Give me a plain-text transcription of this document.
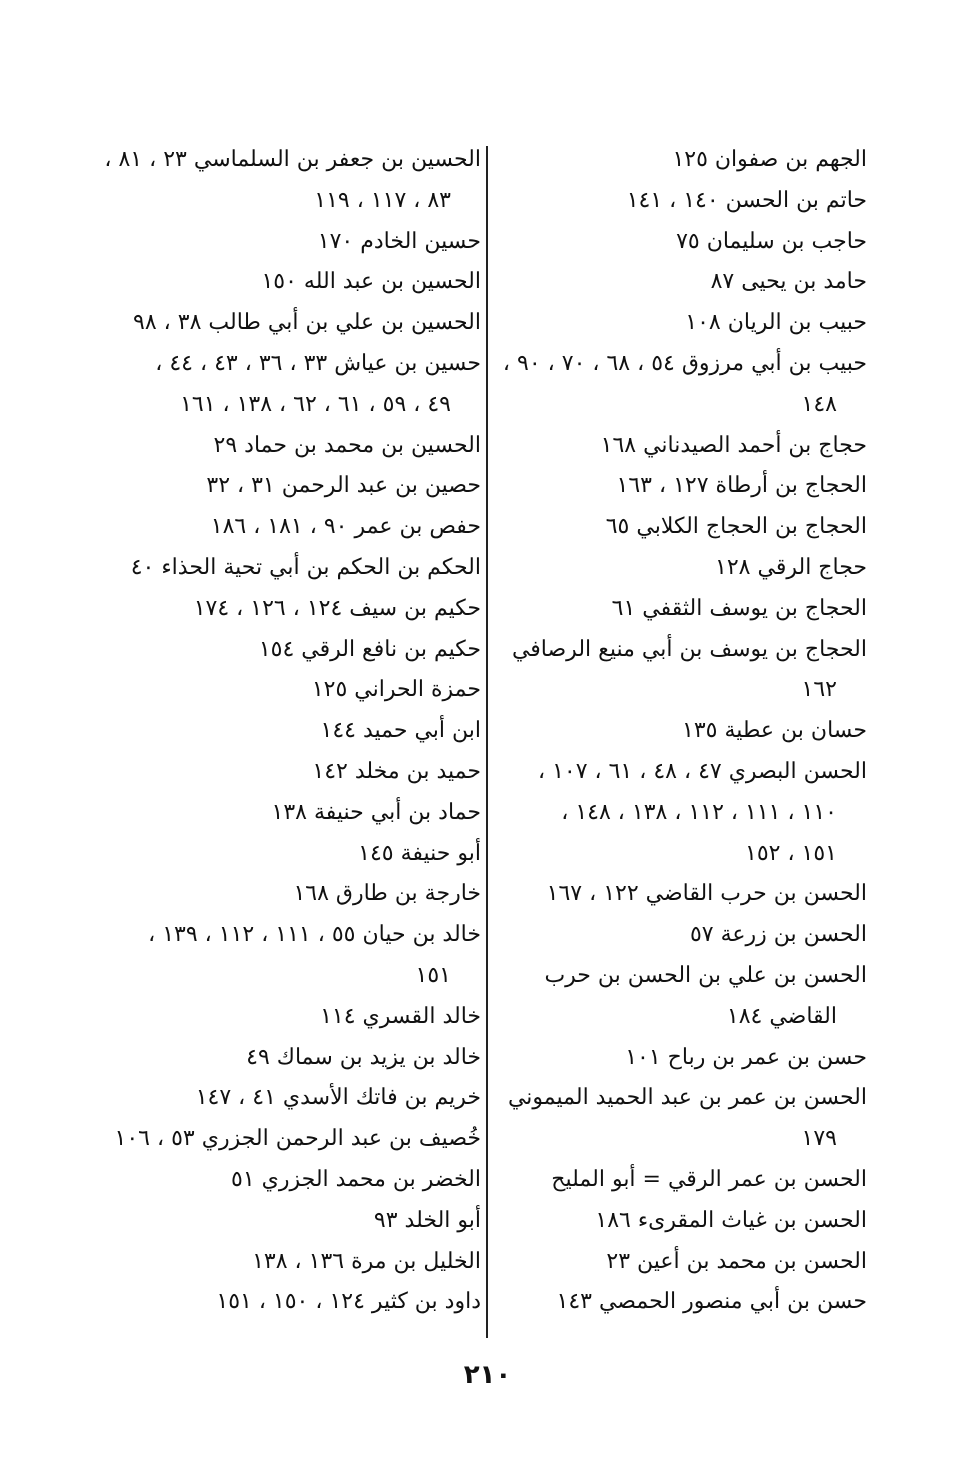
الجهم بن صفوان ١٢٥
حاتم بن الحسن ١٤٠ ، ١٤١
حاجب بن سليمان ٧٥
حامد بن يحيى ٨٧
حبيب بن الريان ١٠٨
حبيب بن أبي مرزوق ٥٤ ، ٦٨ ، ٧٠ ، ٩٠ ،
١٤٨
حجاج بن أحمد الصيدناني ١٦٨
الحجاج بن أرطاة ١٢٧ ، ١٦٣
الحجاج بن الحجاج الكلابي ٦٥
حجاج الرقي ١٢٨
الحجاج بن يوسف الثقفي ٦١
الحجاج بن يوسف بن أبي منيع الرصافي
١٦٢
حسان بن عطية ١٣٥
الحسن البصري ٤٧ ، ٤٨ ، ٦١ ، ١٠٧ ،
١١٠ ، ١١١ ، ١١٢ ، ١٣٨ ، ١٤٨ ،
١٥١ ، ١٥٢
الحسن بن حرب القاضي ١٢٢ ، ١٦٧
الحسن بن زرعة ٥٧
الحسن بن علي بن الحسن بن حرب
القاضي ١٨٤
حسن بن عمر بن رباح ١٠١
الحسن بن عمر بن عبد الحميد الميموني
١٧٩
الحسن بن عمر الرقي = أبو المليح
الحسن بن غياث المقرىء ١٨٦
الحسن بن محمد بن أعين ٢٣
حسن بن أبي منصور الحمصي ١٤٣
الحسين بن جعفر بن السلماسي ٢٣ ، ٨١ ،
٨٣ ، ١١٧ ، ١١٩
حسين الخادم ١٧٠
الحسين بن عبد الله ١٥٠
الحسين بن علي بن أبي طالب ٣٨ ، ٩٨
حسين بن عياش ٣٣ ، ٣٦ ، ٤٣ ، ٤٤ ،
٤٩ ، ٥٩ ، ٦١ ، ٦٢ ، ١٣٨ ، ١٦١
الحسين بن محمد بن حماد ٢٩
حصين بن عبد الرحمن ٣١ ، ٣٢
حفص بن عمر ٩٠ ، ١٨١ ، ١٨٦
الحكم بن الحكم بن أبي تحية الحذاء ٤٠
حكيم بن سيف ١٢٤ ، ١٢٦ ، ١٧٤
حكيم بن نافع الرقي ١٥٤
حمزة الحراني ١٢٥
ابن أبي حميد ١٤٤
حميد بن مخلد ١٤٢
حماد بن أبي حنيفة ١٣٨
أبو حنيفة ١٤٥
خارجة بن طارق ١٦٨
خالد بن حيان ٥٥ ، ١١١ ، ١١٢ ، ١٣٩ ،
١٥١
خالد القسري ١١٤
خالد بن يزيد بن سماك ٤٩
خريم بن فاتك الأسدي ٤١ ، ١٤٧
خُصيف بن عبد الرحمن الجزري ٥٣ ، ١٠٦
الخضر بن محمد الجزري ٥١
أبو الخلد ٩٣
الخليل بن مرة ١٣٦ ، ١٣٨
داود بن كثير ١٢٤ ، ١٥٠ ، ١٥١
٢١٠
